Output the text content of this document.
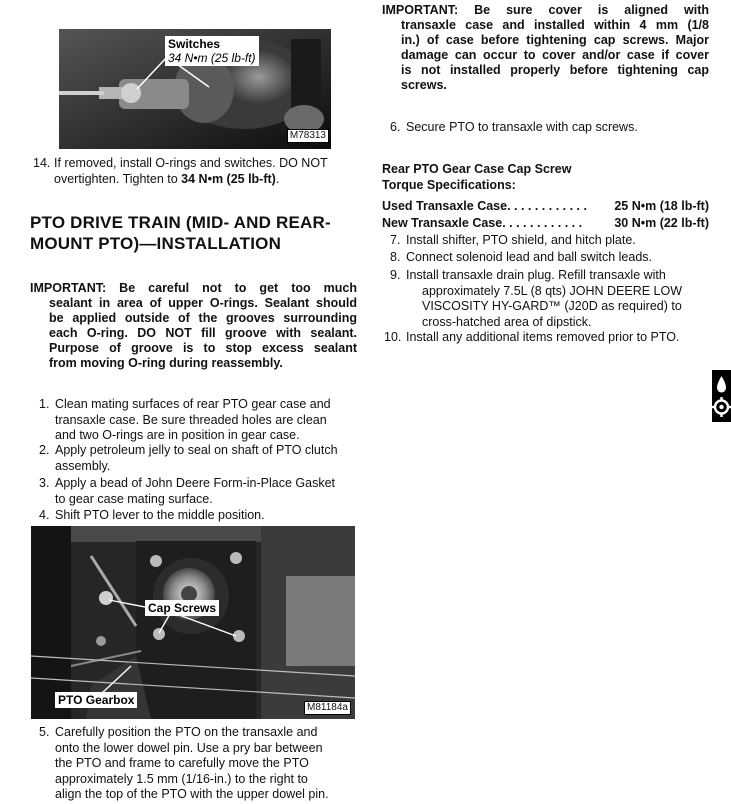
Switches
34 N•m (25 lb-ft)
M78313
14. If removed, install O-rings and switches. DO NOT
overtighten. Tighten to 34 N•m (25 lb-ft).
PTO DRIVE TRAIN (MID- AND REAR-
MOUNT PTO)—INSTALLATION
IMPORTANT: Be careful not to get too much
sealant in area of upper O-rings. Sealant should
be applied outside of the grooves surrounding
each O-ring. DO NOT fill groove with sealant.
Purpose of groove is to stop excess sealant
from moving O-ring during reassembly.
1. Clean mating surfaces of rear PTO gear case and
transaxle case. Be sure threaded holes are clean
and two O-rings are in position in gear case.
2. Apply petroleum jelly to seal on shaft of PTO clutch
assembly.
3. Apply a bead of John Deere Form-in-Place Gasket
to gear case mating surface.
4. Shift PTO lever to the middle position.
Cap Screws
PTO Gearbox
M81184a
5. Carefully position the PTO on the transaxle and
onto the lower dowel pin. Use a pry bar between
the PTO and frame to carefully move the PTO
approximately 1.5 mm (1/16-in.) to the right to
align the top of the PTO with the upper dowel pin.
IMPORTANT: Be sure cover is aligned with
transaxle case and installed within 4 mm (1/8
in.) of case before tightening cap screws. Major
damage can occur to cover and/or case if cover
is not installed properly before tightening cap
screws.
6. Secure PTO to transaxle with cap screws.
Rear PTO Gear Case Cap Screw
Torque Specifications:
Used Transaxle Case . . . . . . . . . . . .	25 N•m (18 lb-ft)
New Transaxle Case . . . . . . . . . . . .	30 N•m (22 lb-ft)
7. Install shifter, PTO shield, and hitch plate.
8. Connect solenoid lead and ball switch leads.
9. Install transaxle drain plug. Refill transaxle with
approximately 7.5L (8 qts) JOHN DEERE LOW
VISCOSITY HY-GARD™ (J20D as required) to
cross-hatched area of dipstick.
10. Install any additional items removed prior to PTO.
